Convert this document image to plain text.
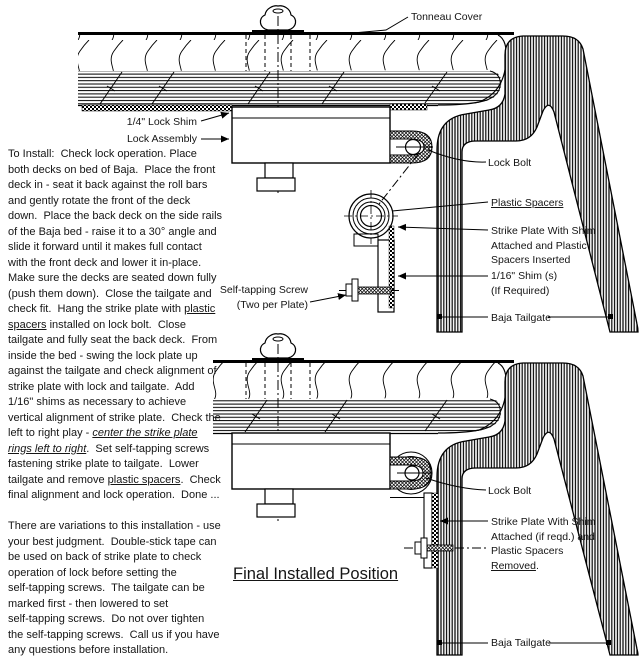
To Install:  Check lock operation. Place
both decks on bed of Baja.  Place the front
deck in - seat it back against the roll bars
and gently rotate the front of the deck
down.  Place the back deck on the side rails
of the Baja bed - raise it to a 30° angle and
slide it forward until it makes full contact
with the front deck and lower it in-place.
Make sure the decks are seated down fully
(push them down).  Close the tailgate and
check fit.  Hang the strike plate with plastic
spacers installed on lock bolt.  Close
tailgate and fully seat the back deck.  From
inside the bed - swing the lock plate up
against the tailgate and check alignment of
strike plate with lock and tailgate.  Add
1/16" shims as necessary to achieve
vertical alignment of strike plate.  Check the
left to right play - center the strike plate
rings left to right.  Set self-tapping screws
fastening strike plate to tailgate.  Lower
tailgate and remove plastic spacers.  Check
final alignment and lock operation.  Done ...
There are variations to this installation - use
your best judgment.  Double-stick tape can
be used on back of strike plate to check
operation of lock before setting the
self-tapping screws.  The tailgate can be
marked first - then lowered to set
self-tapping screws.  Do not over tighten
the self-tapping screws.  Call us if you have
any questions before installation.
Tonneau Cover
1/4" Lock Shim
Lock Assembly
Lock Bolt
Plastic Spacers
Strike Plate With Shim
Attached and Plastic
Spacers Inserted
1/16" Shim (s)
(If Required)
Baja Tailgate
Self-tapping Screw
(Two per Plate)
Lock Bolt
Strike Plate With Shim
Attached (if reqd.) and
Plastic Spacers
Removed.
Baja Tailgate
Final Installed Position
